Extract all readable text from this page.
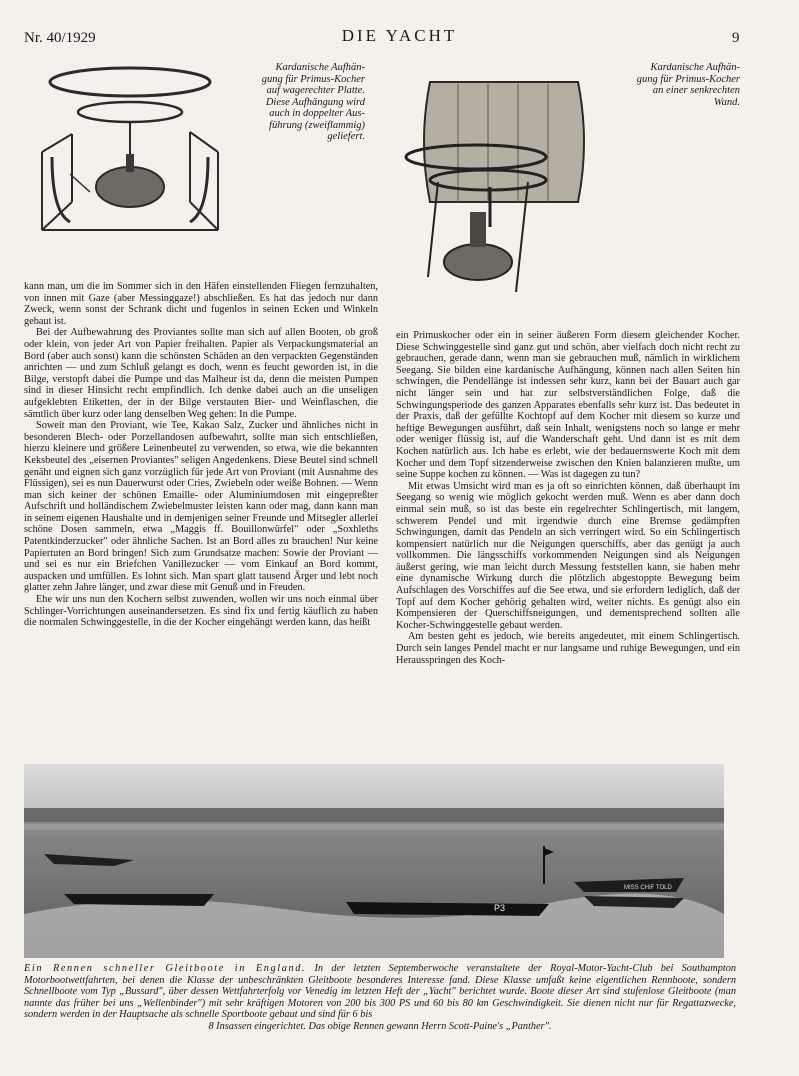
Nr. 40/1929	DIE YACHT	9
Kardanische Aufhän-
gung für Primus-Kocher
auf wagerechter Platte.
Diese Aufhängung wird
auch in doppelter Aus-
führung (zweiflammig)
geliefert.
Kardanische Aufhän-
gung für Primus-Kocher
an einer senkrechten
Wand.

kann man, um die im Sommer sich in den Häfen einstellenden Fliegen fernzuhalten, von innen mit Gaze (aber Messinggaze!) abschließen. Es hat das jedoch nur dann Zweck, wenn sonst der Schrank dicht und fugenlos in seinen Ecken und Winkeln gebaut ist.

Bei der Aufbewahrung des Proviantes sollte man sich auf allen Booten, ob groß oder klein, von jeder Art von Papier freihalten. Papier als Verpackungsmaterial an Bord (aber auch sonst) kann die schönsten Schäden an den verpackten Gegenständen anrichten — und zum Schluß gelangt es doch, wenn es feucht geworden ist, in die Bilge, verstopft dabei die Pumpe und das Malheur ist da, denn die meisten Pumpen sind in dieser Hinsicht recht empfindlich. Ich denke dabei auch an die unseligen aufgeklebten Etiketten, der in der Bilge verstauten Bier- und Weinflaschen, die sämtlich über kurz oder lang denselben Weg gehen: In die Pumpe.

Soweit man den Proviant, wie Tee, Kakao Salz, Zucker und ähnliches nicht in besonderen Blech- oder Porzellandosen aufbewahrt, sollte man sich entschließen, hierzu kleinere und größere Leinenbeutel zu verwenden, so etwa, wie die bekannten Keksbeutel des „eisernen Proviantes" seligen Angedenkens. Diese Beutel sind schnell genäht und eignen sich ganz vorzüglich für jede Art von Proviant (mit Ausnahme des Flüssigen), sei es nun Dauerwurst oder Cries, Zwiebeln oder weiße Bohnen. — Wenn man sich keiner der schönen Emaille- oder Aluminiumdosen mit eingepreßter Aufschrift und holländischem Zwiebelmuster leisten kann oder mag, dann kann man in seinem eigenen Haushalte und in demjenigen seiner Freunde und Mitsegler allerlei schöne Dosen sammeln, etwa „Maggis ff. Bouillonwürfel" oder „Soxhleths Patentkinderzucker" oder ähnliche Sachen. Ist an Bord alles zu brauchen! Nur keine Papiertuten an Bord bringen! Sich zum Grundsatze machen: Sowie der Proviant — und sei es nur ein Briefchen Vanillezucker — vom Einkauf an Bord kommt, auspacken und umfüllen. Es lohnt sich. Man spart glatt tausend Ärger und lebt noch glatter zehn Jahre länger, und zwar diese mit Genuß und in Freuden.

Ehe wir uns nun den Kochern selbst zuwenden, wollen wir uns noch einmal über Schlinger-Vorrichtungen auseinandersetzen. Es sind fix und fertig käuflich zu haben die normalen Schwinggestelle, in die der Kocher eingehängt werden kann, das heißt

ein Primuskocher oder ein in seiner äußeren Form diesem gleichender Kocher. Diese Schwinggestelle sind ganz gut und schön, aber vielfach doch nicht recht zu gebrauchen, gerade dann, wenn man sie gebrauchen muß, nämlich in wirklichem Seegang. Sie bilden eine kardanische Aufhängung, können nach allen Seiten hin schwingen, die Pendellänge ist indessen sehr kurz, kann bei der Bauart auch gar nicht länger sein und hat zur selbstverständlichen Folge, daß die Schwingungsperiode des ganzen Apparates ebenfalls sehr kurz ist. Das bedeutet in der Praxis, daß der gefüllte Kochtopf auf dem Kocher mit diesem so kurze und heftige Bewegungen ausführt, daß sein Inhalt, wenigstens noch so lange er mehr oder weniger flüssig ist, auf die Wanderschaft geht. Und dann ist es mit dem Kochen natürlich aus. Ich habe es erlebt, wie der bedauernswerte Koch mit dem Kocher und dem Topf sitzenderweise zwischen den Knien balanzieren mußte, um seine Suppe kochen zu können. — Was ist dagegen zu tun?

Mit etwas Umsicht wird man es ja oft so einrichten können, daß überhaupt im Seegang so wenig wie möglich gekocht werden muß. Wenn es aber dann doch einmal sein muß, so ist das beste ein regelrechter Schlingertisch, mit langem, schwerem Pendel und mit irgendwie durch eine Bremse gedämpften Schwingungen, damit das Pendeln an sich verringert wird. So ein Schlingertisch kompensiert natürlich nur die Neigungen querschiffs, aber das genügt ja auch vollkommen. Die längsschiffs vorkommenden Neigungen sind als Neigungen äußerst gering, wie man leicht durch Messung feststellen kann, sie haben mehr eine dynamische Wirkung durch die plötzlich abgestoppte Bewegung beim Aufschlagen des Vorschiffes auf die See etwa, und sie erfordern lediglich, daß der Topf auf dem Kocher gehörig gehalten wird, weiter nichts. Es genügt also ein Kompensieren der Querschiffsneigungen, und dementsprechend sollten alle Kocher-Schwinggestelle gebaut werden.

Am besten geht es jedoch, wie bereits angedeutet, mit einem Schlingertisch. Durch sein langes Pendel macht er nur langsame und ruhige Bewegungen, und ein Herausspringen des Koch-

P3
MISS CHIF TOLD
Ein Rennen schneller Gleitboote in England. In der letzten Septemberwoche veranstaltete der Royal-Motor-Yacht-Club bei Southampton Motorbootwettfahrten, bei denen die Klasse der unbeschränkten Gleitboote besonderes Interesse fand. Diese Klasse umfaßt keine eigentlichen Rennboote, sondern Schnellboote vom Typ „Bussard", über dessen Wettfahrterfolg vor Venedig im letzten Heft der „Yacht" berichtet wurde. Boote dieser Art sind stufenlose Gleitboote (man nannte das früher bei uns „Wellenbinder") mit sehr kräftigen Motoren von 200 bis 300 PS und 60 bis 80 km Geschwindigkeit. Sie dienen nicht nur für Regattazwecke, sondern werden in der Hauptsache als schnelle Sportboote gebaut und sind für 6 bis
8 Insassen eingerichtet. Das obige Rennen gewann Herrn Scott-Paine's „Panther".
